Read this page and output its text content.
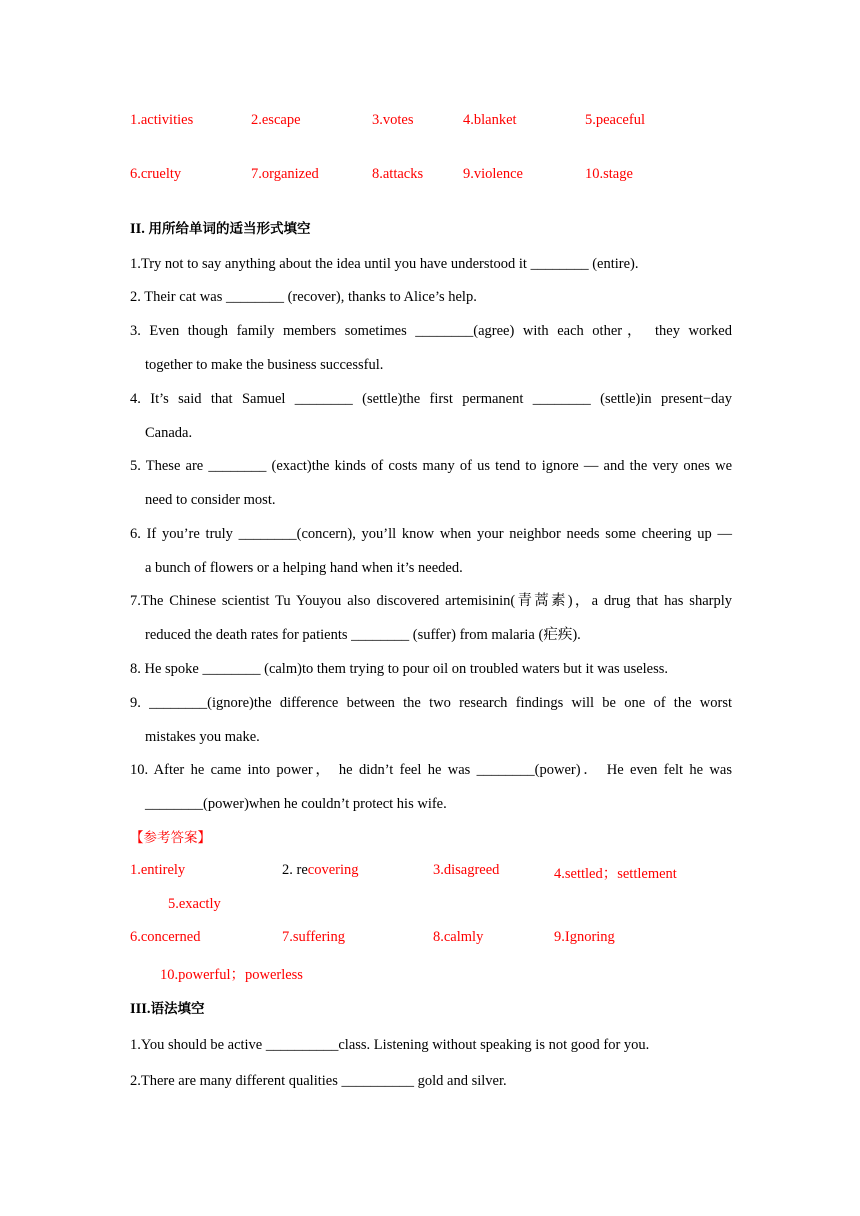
1.activities	2.escape	3.votes	4.blanket	5.peaceful
6.cruelty	7.organized	8.attacks	9.violence	10.stage
II. 用所给单词的适当形式填空
1.Try not to say anything about the idea until you have understood it ________ (entire).
2. Their cat was ________ (recover), thanks to Alice’s help.
3. Even though family members sometimes ________(agree) with each other， they worked
together to make the business successful.
4. It’s said that Samuel ________ (settle)the first permanent ________ (settle)in present−day
Canada.
5. These are ________ (exact)the kinds of costs many of us tend to ignore — and the very ones we
need to consider most.
6. If you’re truly ________(concern), you’ll know when your neighbor needs some cheering up —
a bunch of flowers or a helping hand when it’s needed.
7.The Chinese scientist Tu Youyou also discovered artemisinin(青蒿素)，a drug that has sharply
reduced the death rates for patients ________ (suffer) from malaria (疟疾).
8. He spoke ________ (calm)to them trying to pour oil on troubled waters but it was useless.
9. ________(ignore)the difference between the two research findings will be one of the worst
mistakes you make.
10. After he came into power， he didn’t feel he was ________(power)． He even felt he was
________(power)when he couldn’t protect his wife.
【参考答案】
1.entirely	2. recovering	3.disagreed	4.settled；settlement
5.exactly
6.concerned	7.suffering	8.calmly	9.Ignoring
10.powerful；powerless
III.语法填空
1.You should be active __________class. Listening without speaking is not good for you.
2.There are many different qualities __________ gold and silver.
